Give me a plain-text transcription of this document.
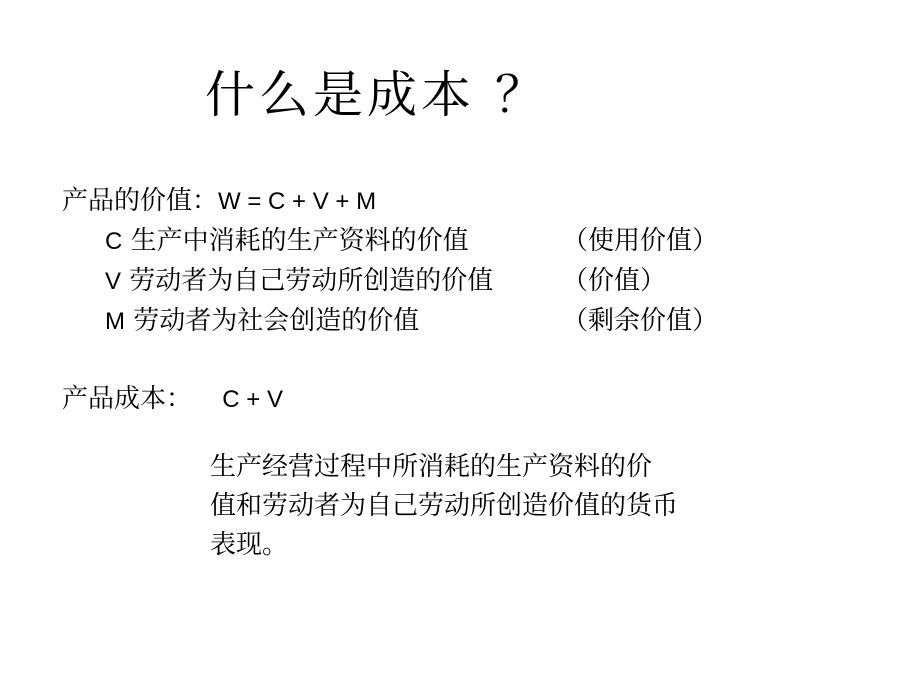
什么是成本 ？
产品的价值：W = C + V + M
C 生产中消耗的生产资料的价值	（使用价值）
V 劳动者为自己劳动所创造的价值	（价值）
M 劳动者为社会创造的价值	（剩余价值）
产品成本： C + V
生产经营过程中所消耗的生产资料的价
值和劳动者为自己劳动所创造价值的货币
表现。
